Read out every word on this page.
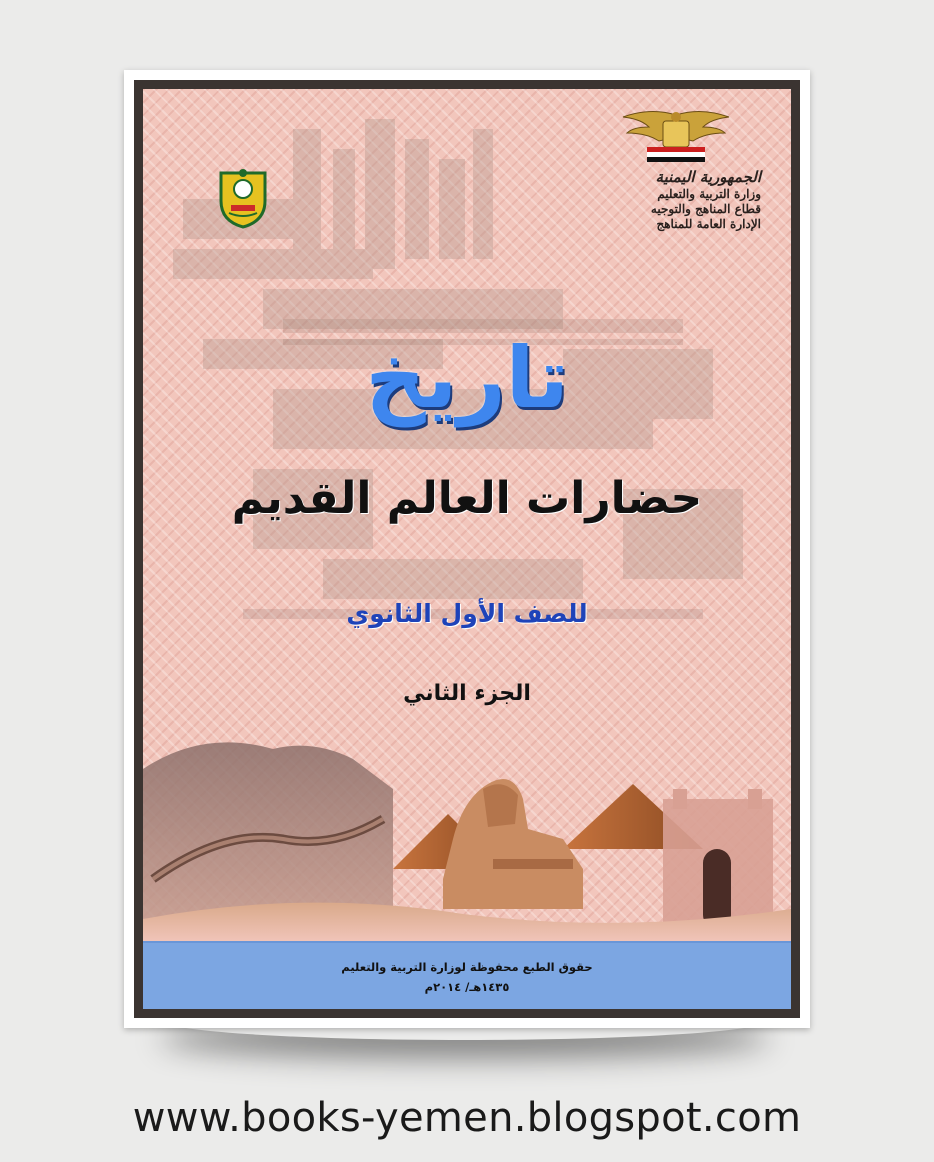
الجمهورية اليمنية
وزارة التربية والتعليم
قطاع المناهج والتوجيه
الإدارة العامة للمناهج
تاريخ
حضارات العالم القديم
للصف الأول الثانوي
الجزء الثاني
حقوق الطبع محفوظة لوزارة التربية والتعليم
١٤٣٥هـ/ ٢٠١٤م
www.books-yemen.blogspot.com
